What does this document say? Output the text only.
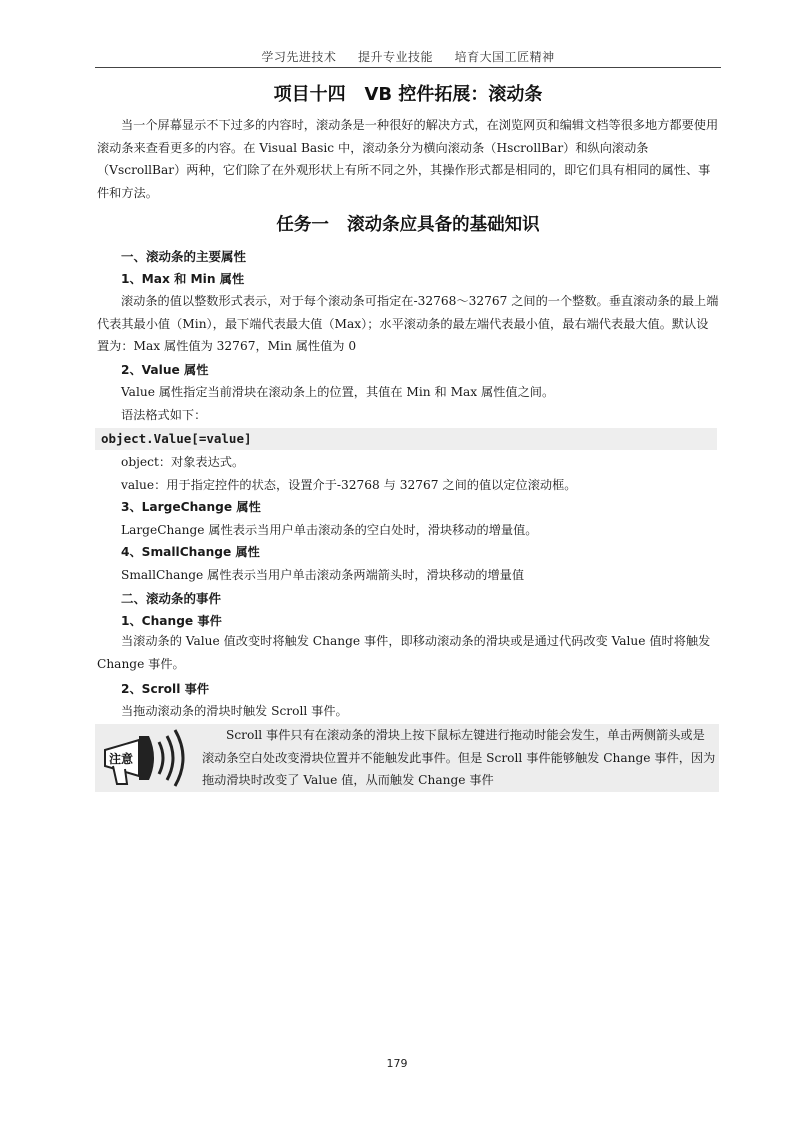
学习先进技术     提升专业技能     培育大国工匠精神
项目十四   VB 控件拓展：滚动条

当一个屏幕显示不下过多的内容时，滚动条是一种很好的解决方式，在浏览网页和编辑文档等很多地方都要使用滚动条来查看更多的内容。在 Visual Basic 中，滚动条分为横向滚动条（HscrollBar）和纵向滚动条（VscrollBar）两种，它们除了在外观形状上有所不同之外，其操作形式都是相同的，即它们具有相同的属性、事件和方法。

任务一   滚动条应具备的基础知识
一、滚动条的主要属性
1、Max 和 Min 属性

滚动条的值以整数形式表示，对于每个滚动条可指定在-32768～32767 之间的一个整数。垂直滚动条的最上端代表其最小值（Min），最下端代表最大值（Max）；水平滚动条的最左端代表最小值，最右端代表最大值。默认设置为：Max 属性值为 32767，Min 属性值为 0

2、Value 属性
Value 属性指定当前滑块在滚动条上的位置，其值在 Min 和 Max 属性值之间。
语法格式如下：
object.Value[=value]
object：对象表达式。
value：用于指定控件的状态，设置介于-32768 与 32767 之间的值以定位滚动框。
3、LargeChange 属性
LargeChange 属性表示当用户单击滚动条的空白处时，滑块移动的增量值。
4、SmallChange 属性
SmallChange 属性表示当用户单击滚动条两端箭头时，滑块移动的增量值
二、滚动条的事件
1、Change 事件

当滚动条的 Value 值改变时将触发 Change 事件，即移动滚动条的滑块或是通过代码改变 Value 值时将触发 Change 事件。

2、Scroll 事件
当拖动滚动条的滑块时触发 Scroll 事件。
注意
Scroll 事件只有在滚动条的滑块上按下鼠标左键进行拖动时能会发生，单击两侧箭头或是滚动条空白处改变滑块位置并不能触发此事件。但是 Scroll 事件能够触发 Change 事件，因为拖动滑块时改变了 Value 值，从而触发 Change 事件
179
